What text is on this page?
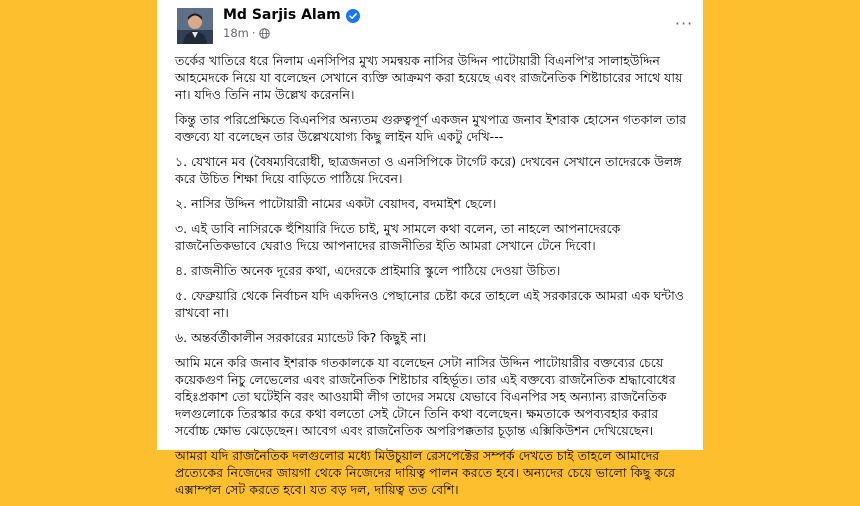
Md Sarjis Alam
18m ·
···

তর্কের খাতিরে ধরে নিলাম এনসিপির মুখ্য সমন্বয়ক নাসির উদ্দিন পাটোয়ারী বিএনপি'র সালাহউদ্দিন আহমেদকে নিয়ে যা বলেছেন সেখানে ব্যক্তি আক্রমণ করা হয়েছে এবং রাজনৈতিক শিষ্টাচারের সাথে যায় না। যদিও তিনি নাম উল্লেখ করেননি।

কিন্তু তার পরিপ্রেক্ষিতে বিএনপির অন্যতম গুরুত্বপূর্ণ একজন মুখপাত্র জনাব ইশরাক হোসেন গতকাল তার বক্তব্যে যা বলেছেন তার উল্লেখযোগ্য কিছু লাইন যদি একটু দেখি---

১. যেখানে মব (বৈষম্যবিরোধী, ছাত্রজনতা ও এনসিপিকে টার্গেট করে) দেখবেন সেখানে তাদেরকে উলঙ্গ করে উচিত শিক্ষা দিয়ে বাড়িতে পাঠিয়ে দিবেন।

২. নাসির উদ্দিন পাটোয়ারী নামের একটা বেয়াদব, বদমাইশ ছেলে।

৩. এই ডাবি নাসিরকে হুঁশিয়ারি দিতে চাই, মুখ সামলে কথা বলেন, তা নাহলে আপনাদেরকে রাজনৈতিকভাবে ঘেরাও দিয়ে আপনাদের রাজনীতির ইতি আমরা সেখানে টেনে দিবো।

৪. রাজনীতি অনেক দূরের কথা, এদেরকে প্রাইমারি স্কুলে পাঠিয়ে দেওয়া উচিত।

৫. ফেব্রুয়ারি থেকে নির্বাচন যদি একদিনও পেছানোর চেষ্টা করে তাহলে এই সরকারকে আমরা এক ঘন্টাও রাখবো না।

৬. অন্তর্বর্তীকালীন সরকারের ম্যান্ডেট কি? কিছুই না।

আমি মনে করি জনাব ইশরাক গতকালকে যা বলেছেন সেটা নাসির উদ্দিন পাটোয়ারীর বক্তব্যের চেয়ে কয়েকগুণ নিচু লেভেলের এবং রাজনৈতিক শিষ্টাচার বহির্ভূত। তার এই বক্তব্যে রাজনৈতিক শ্রদ্ধাবোধের বহিঃপ্রকাশ তো ঘটেইনি বরং আওয়ামী লীগ তাদের সময়ে যেভাবে বিএনপির সহ অন্যান্য রাজনৈতিক দলগুলোকে তিরস্কার করে কথা বলতো সেই টোনে তিনি কথা বলেছেন। ক্ষমতাকে অপব্যবহার করার সর্বোচ্চ ক্ষোভ ঝেড়েছেন। আবেগ এবং রাজনৈতিক অপরিপক্কতার চূড়ান্ত এক্সিকিউশন দেখিয়েছেন।

আমরা যদি রাজনৈতিক দলগুলোর মধ্যে মিউচুয়াল রেসপেক্টের সম্পর্ক দেখতে চাই তাহলে আমাদের প্রত্যেকের নিজেদের জায়গা থেকে নিজেদের দায়িত্ব পালন করতে হবে। অন্যদের চেয়ে ভালো কিছু করে এক্সাম্পল সেট করতে হবে। যত বড় দল, দায়িত্ব তত বেশি।
